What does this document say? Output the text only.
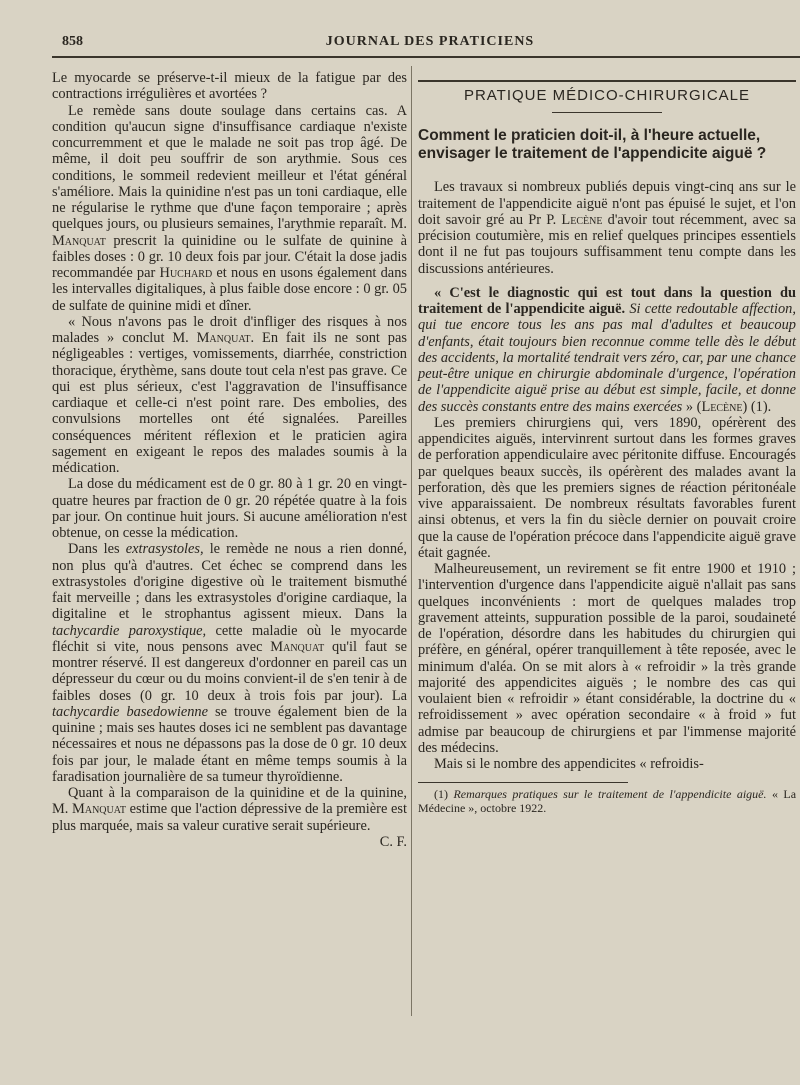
858	JOURNAL DES PRATICIENS

Le myocarde se préserve-t-il mieux de la fatigue par des contractions irrégulières et avortées ?

Le remède sans doute soulage dans certains cas. A condition qu'aucun signe d'insuffisance cardiaque n'existe concurremment et que le malade ne soit pas trop âgé. De même, il doit peu souffrir de son arythmie. Sous ces conditions, le sommeil redevient meilleur et l'état général s'améliore. Mais la quinidine n'est pas un toni cardiaque, elle ne régularise le rythme que d'une façon temporaire ; après quelques jours, ou plusieurs semaines, l'arythmie reparaît. M. Manquat prescrit la quinidine ou le sulfate de quinine à faibles doses : 0 gr. 10 deux fois par jour. C'était la dose jadis recommandée par Huchard et nous en usons également dans les intervalles digitaliques, à plus faible dose encore : 0 gr. 05 de sulfate de quinine midi et dîner.

« Nous n'avons pas le droit d'infliger des risques à nos malades » conclut M. Manquat. En fait ils ne sont pas négligeables : vertiges, vomissements, diarrhée, constriction thoracique, érythème, sans doute tout cela n'est pas grave. Ce qui est plus sérieux, c'est l'aggravation de l'insuffisance cardiaque et celle-ci n'est point rare. Des embolies, des convulsions mortelles ont été signalées. Pareilles conséquences méritent réflexion et le praticien agira sagement en exigeant le repos des malades soumis à la médication.

La dose du médicament est de 0 gr. 80 à 1 gr. 20 en vingt-quatre heures par fraction de 0 gr. 20 répétée quatre à la fois par jour. On continue huit jours. Si aucune amélioration n'est obtenue, on cesse la médication.

Dans les extrasystoles, le remède ne nous a rien donné, non plus qu'à d'autres. Cet échec se comprend dans les extrasystoles d'origine digestive où le traitement bismuthé fait merveille ; dans les extrasystoles d'origine cardiaque, la digitaline et le strophantus agissent mieux. Dans la tachycardie paroxystique, cette maladie où le myocarde fléchit si vite, nous pensons avec Manquat qu'il faut se montrer réservé. Il est dangereux d'ordonner en pareil cas un dépresseur du cœur ou du moins convient-il de s'en tenir à de faibles doses (0 gr. 10 deux à trois fois par jour). La tachycardie basedowienne se trouve également bien de la quinine ; mais ses hautes doses ici ne semblent pas davantage nécessaires et nous ne dépassons pas la dose de 0 gr. 10 deux fois par jour, le malade étant en même temps soumis à la faradisation journalière de sa tumeur thyroïdienne.

Quant à la comparaison de la quinidine et de la quinine, M. Manquat estime que l'action dépressive de la première est plus marquée, mais sa valeur curative serait supérieure.
C. F.

PRATIQUE MÉDICO-CHIRURGICALE
Comment le praticien doit-il, à l'heure actuelle, envisager le traitement de l'appendicite aiguë ?

Les travaux si nombreux publiés depuis vingt-cinq ans sur le traitement de l'appendicite aiguë n'ont pas épuisé le sujet, et l'on doit savoir gré au Pr P. Lecène d'avoir tout récemment, avec sa précision coutumière, mis en relief quelques principes essentiels dont il ne fut pas toujours suffisamment tenu compte dans les discussions antérieures.

« C'est le diagnostic qui est tout dans la question du traitement de l'appendicite aiguë. Si cette redoutable affection, qui tue encore tous les ans pas mal d'adultes et beaucoup d'enfants, était toujours bien reconnue comme telle dès le début des accidents, la mortalité tendrait vers zéro, car, par une chance peut-être unique en chirurgie abdominale d'urgence, l'opération de l'appendicite aiguë prise au début est simple, facile, et donne des succès constants entre des mains exercées » (Lecène) (1).

Les premiers chirurgiens qui, vers 1890, opérèrent des appendicites aiguës, intervinrent surtout dans les formes graves de perforation appendiculaire avec péritonite diffuse. Encouragés par quelques beaux succès, ils opérèrent des malades avant la perforation, dès que les premiers signes de réaction péritonéale vive apparaissaient. De nombreux résultats favorables furent ainsi obtenus, et vers la fin du siècle dernier on pouvait croire que la cause de l'opération précoce dans l'appendicite aiguë grave était gagnée.

Malheureusement, un revirement se fit entre 1900 et 1910 ; l'intervention d'urgence dans l'appendicite aiguë n'allait pas sans quelques inconvénients : mort de quelques malades trop gravement atteints, suppuration possible de la paroi, soudaineté de l'opération, désordre dans les habitudes du chirurgien qui préfère, en général, opérer tranquillement à tête reposée, avec le minimum d'aléa. On se mit alors à « refroidir » la très grande majorité des appendicites aiguës ; le nombre des cas qui voulaient bien « refroidir » étant considérable, la doctrine du « refroidissement » avec opération secondaire « à froid » fut admise par beaucoup de chirurgiens et par l'immense majorité des médecins.

Mais si le nombre des appendicites « refroidis-

(1) Remarques pratiques sur le traitement de l'appendicite aiguë. « La Médecine », octobre 1922.
